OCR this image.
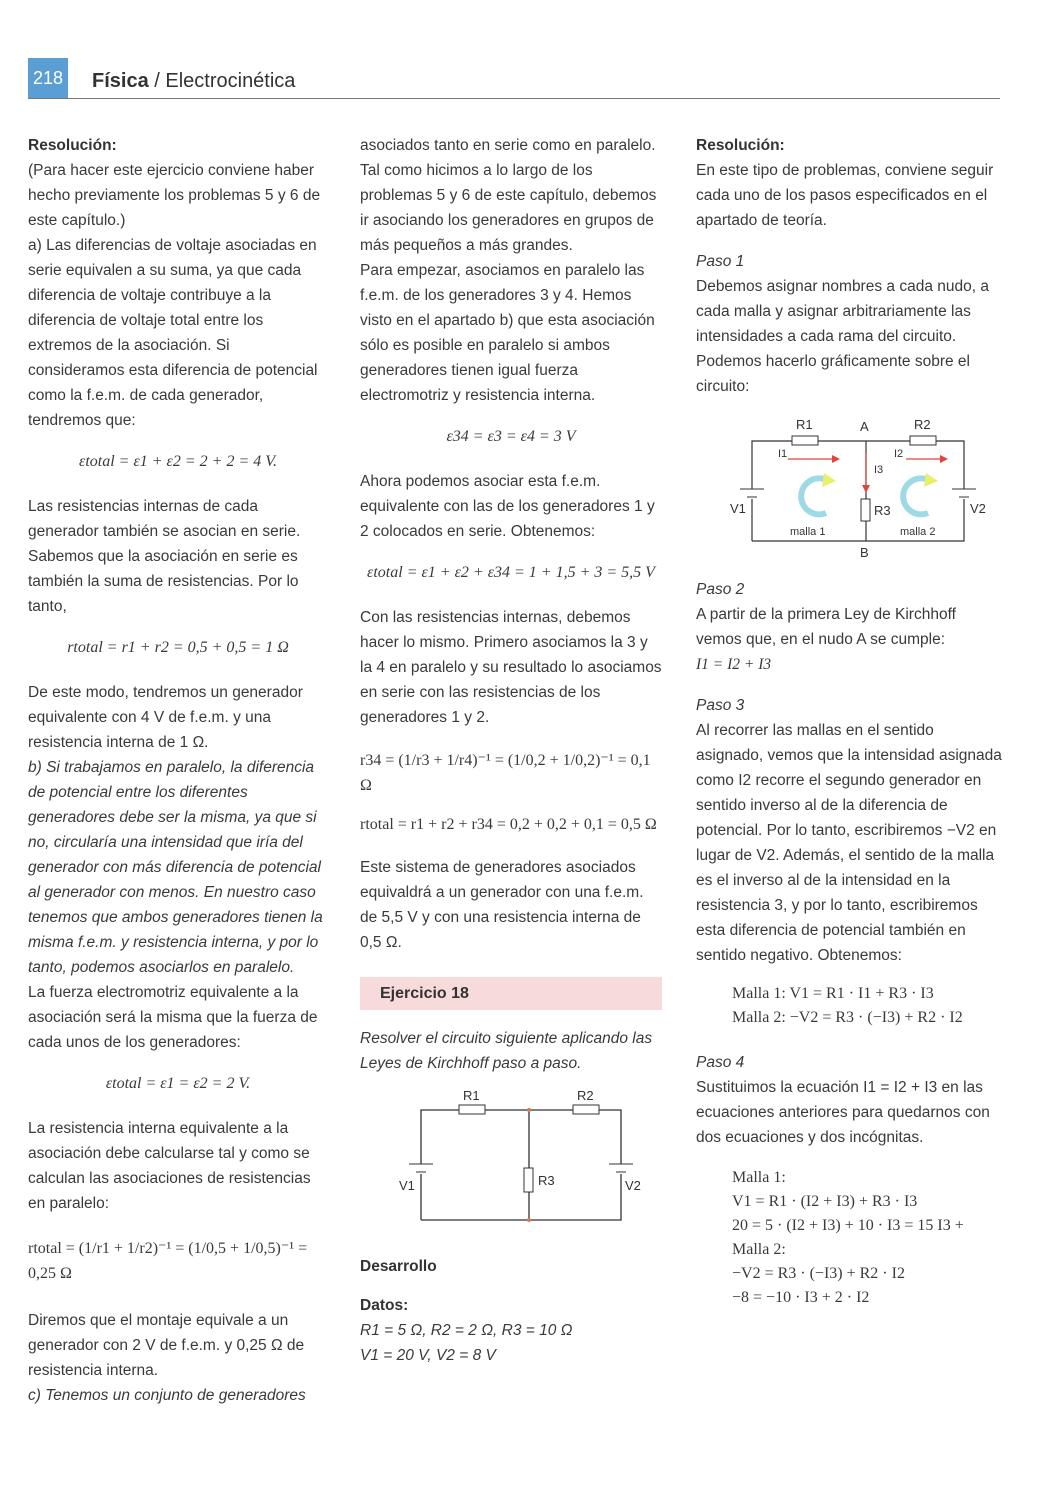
218 Física / Electrocinética

Resolución:

(Para hacer este ejercicio conviene haber hecho previamente los problemas 5 y 6 de este capítulo.)

a) Las diferencias de voltaje asociadas en serie equivalen a su suma, ya que cada diferencia de voltaje contribuye a la diferencia de voltaje total entre los extremos de la asociación. Si consideramos esta diferencia de potencial como la f.e.m. de cada generador, tendremos que:

εtotal = ε1 + ε2 = 2 + 2 = 4 V.

Las resistencias internas de cada generador también se asocian en serie. Sabemos que la asociación en serie es también la suma de resistencias. Por lo tanto,

rtotal = r1 + r2 = 0,5 + 0,5 = 1 Ω

De este modo, tendremos un generador equivalente con 4 V de f.e.m. y una resistencia interna de 1 Ω.

b) Si trabajamos en paralelo, la diferencia de potencial entre los diferentes generadores debe ser la misma, ya que si no, circularía una intensidad que iría del generador con más diferencia de potencial al generador con menos. En nuestro caso tenemos que ambos generadores tienen la misma f.e.m. y resistencia interna, y por lo tanto, podemos asociarlos en paralelo.

La fuerza electromotriz equivalente a la asociación será la misma que la fuerza de cada unos de los generadores:

εtotal = ε1 = ε2 = 2 V.

La resistencia interna equivalente a la asociación debe calcularse tal y como se calculan las asociaciones de resistencias en paralelo:

rtotal = (1/r1 + 1/r2)⁻¹ = (1/0,5 + 1/0,5)⁻¹ = 0,25 Ω

Diremos que el montaje equivale a un generador con 2 V de f.e.m. y 0,25 Ω de resistencia interna.

c) Tenemos un conjunto de generadores

asociados tanto en serie como en paralelo. Tal como hicimos a lo largo de los problemas 5 y 6 de este capítulo, debemos ir asociando los generadores en grupos de más pequeños a más grandes.

Para empezar, asociamos en paralelo las f.e.m. de los generadores 3 y 4. Hemos visto en el apartado b) que esta asociación sólo es posible en paralelo si ambos generadores tienen igual fuerza electromotriz y resistencia interna.

ε34 = ε3 = ε4 = 3 V

Ahora podemos asociar esta f.e.m. equivalente con las de los generadores 1 y 2 colocados en serie. Obtenemos:

εtotal = ε1 + ε2 + ε34 = 1 + 1,5 + 3 = 5,5 V

Con las resistencias internas, debemos hacer lo mismo. Primero asociamos la 3 y la 4 en paralelo y su resultado lo asociamos en serie con las resistencias de los generadores 1 y 2.

r34 = (1/r3 + 1/r4)⁻¹ = (1/0,2 + 1/0,2)⁻¹ = 0,1 Ω

rtotal = r1 + r2 + r34 = 0,2 + 0,2 + 0,1 = 0,5 Ω

Este sistema de generadores asociados equivaldrá a un generador con una f.e.m. de 5,5 V y con una resistencia interna de 0,5 Ω.

Ejercicio 18

Resolver el circuito siguiente aplicando las Leyes de Kirchhoff paso a paso.

R1	R2
R3
V1	V2

Desarrollo

Datos:

R1 = 5 Ω, R2 = 2 Ω, R3 = 10 Ω

V1 = 20 V, V2 = 8 V

Resolución:

En este tipo de problemas, conviene seguir cada uno de los pasos especificados en el apartado de teoría.

Paso 1

Debemos asignar nombres a cada nudo, a cada malla y asignar arbitrariamente las intensidades a cada rama del circuito. Podemos hacerlo gráficamente sobre el circuito:

R1	A	R2
I1	I2
I3
R3
V1	V2
malla 1	malla 2
B

Paso 2

A partir de la primera Ley de Kirchhoff vemos que, en el nudo A se cumple:

I1 = I2 + I3

Paso 3

Al recorrer las mallas en el sentido asignado, vemos que la intensidad asignada como I2 recorre el segundo generador en sentido inverso al de la diferencia de potencial. Por lo tanto, escribiremos −V2 en lugar de V2. Además, el sentido de la malla es el inverso al de la intensidad en la resistencia 3, y por lo tanto, escribiremos esta diferencia de potencial también en sentido negativo. Obtenemos:

Malla 1: V1 = R1 · I1 + R3 · I3

Malla 2: −V2 = R3 · (−I3) + R2 · I2

Paso 4

Sustituimos la ecuación I1 = I2 + I3 en las ecuaciones anteriores para quedarnos con dos ecuaciones y dos incógnitas.

Malla 1:

V1 = R1 · (I2 + I3) + R3 · I3

20 = 5 · (I2 + I3) + 10 · I3 = 15 I3 +

Malla 2:

−V2 = R3 · (−I3) + R2 · I2

−8 = −10 · I3 + 2 · I2
